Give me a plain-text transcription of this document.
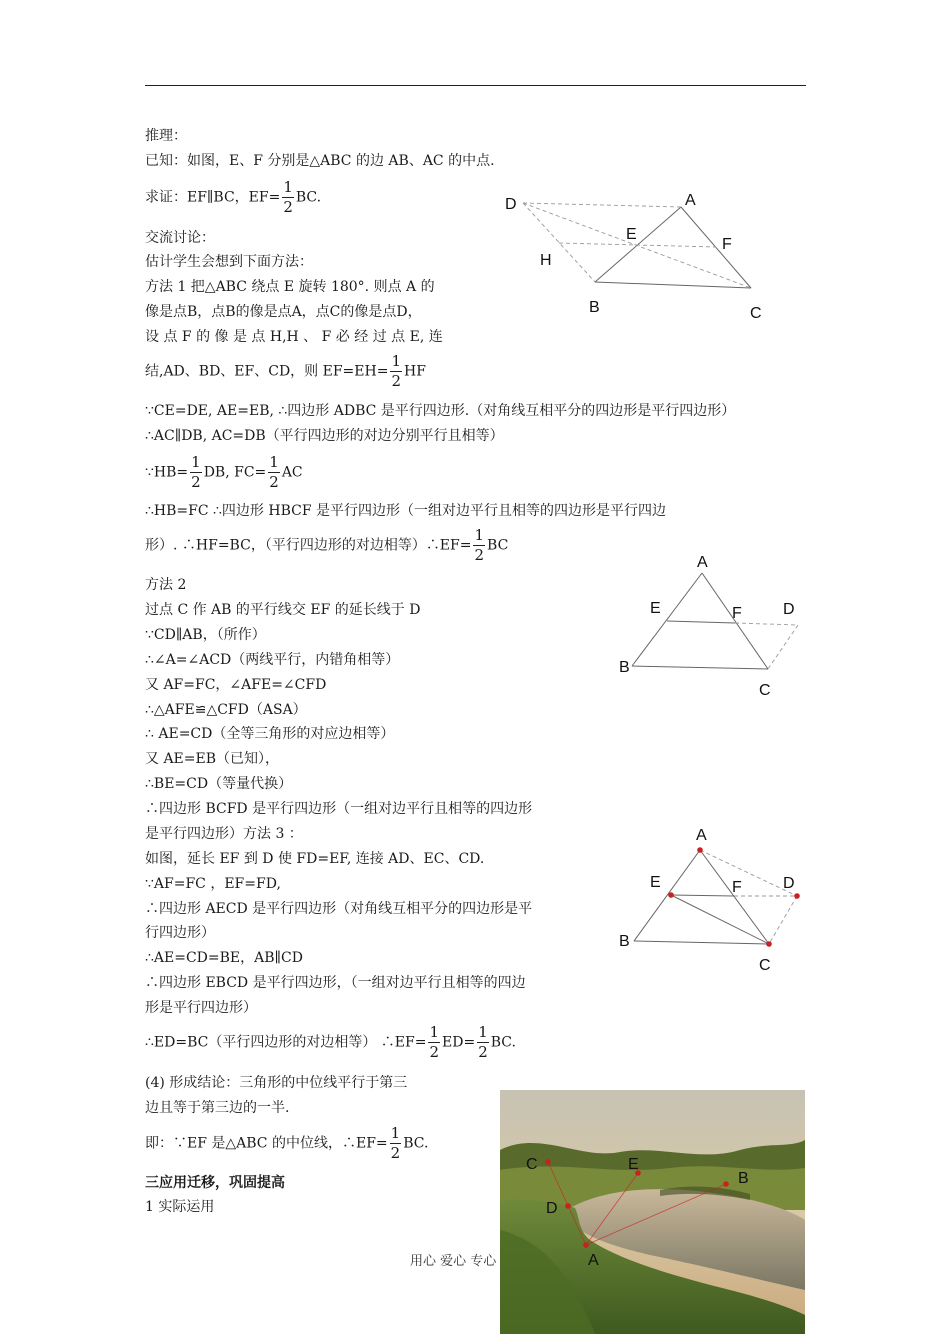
推理：
已知：如图，E、F 分别是△ABC 的边 AB、AC 的中点.
求证：EF∥BC，$EF= \frac{1}{2}$ BC.
交流讨论：
估计学生会想到下面方法：
方法 1 把△ABC 绕点 E 旋转 180°. 则点 A 的
像是点B，点B的像是点A，点C的像是点D，
设 点 F 的 像 是 点 H,H 、 F 必 经 过 点 E, 连
结,AD、BD、EF、CD，则 $EF=EH= \frac{1}{2}$ HF
∵CE=DE, AE=EB, ∴四边形 ADBC 是平行四边形.（对角线互相平分的四边形是平行四边形）
∴AC∥DB, AC=DB（平行四边形的对边分别平行且相等）
∵HB= $\frac{1}{2}$ DB, $FC= \frac{1}{2}$ AC
∴HB=FC ∴四边形 HBCF 是平行四边形（一组对边平行且相等的四边形是平行四边
形）. ∴HF=BC，（平行四边形的对边相等）∴EF= $\frac{1}{2}$ BC
方法 2
过点 C 作 AB 的平行线交 EF 的延长线于 D
∵CD∥AB，（所作）
∴∠A=∠ACD（两线平行，内错角相等）
又 AF=FC，∠AFE=∠CFD
∴△AFE≌△CFD（ASA）
∴ AE=CD（全等三角形的对应边相等）
又 AE=EB（已知），
∴BE=CD（等量代换）
∴四边形 BCFD 是平行四边形（一组对边平行且相等的四边形
是平行四边形）方法 3 ：
如图，延长 EF 到 D 使 FD=EF, 连接 AD、EC、CD.
∵AF=FC ，EF=FD,
∴四边形 AECD 是平行四边形（对角线互相平分的四边形是平
行四边形）
∴AE=CD=BE，AB∥CD
∴四边形 EBCD 是平行四边形，（一组对边平行且相等的四边
形是平行四边形）
∴ED=BC（平行四边形的对边相等） ∴EF= $\frac{1}{2} ED= \frac{1}{2}$ BC.
(4) 形成结论：三角形的中位线平行于第三
边且等于第三边的一半.
即：∵EF 是△ABC 的中位线，∴EF= $\frac{1}{2}$ BC.
三应用迁移，巩固提高
1 实际运用
D	A
E
F
H
B	C
A
E	F	D
B
C
A
E	F	D
B
C
用心 爱心 专心
C	E
B
D
A
